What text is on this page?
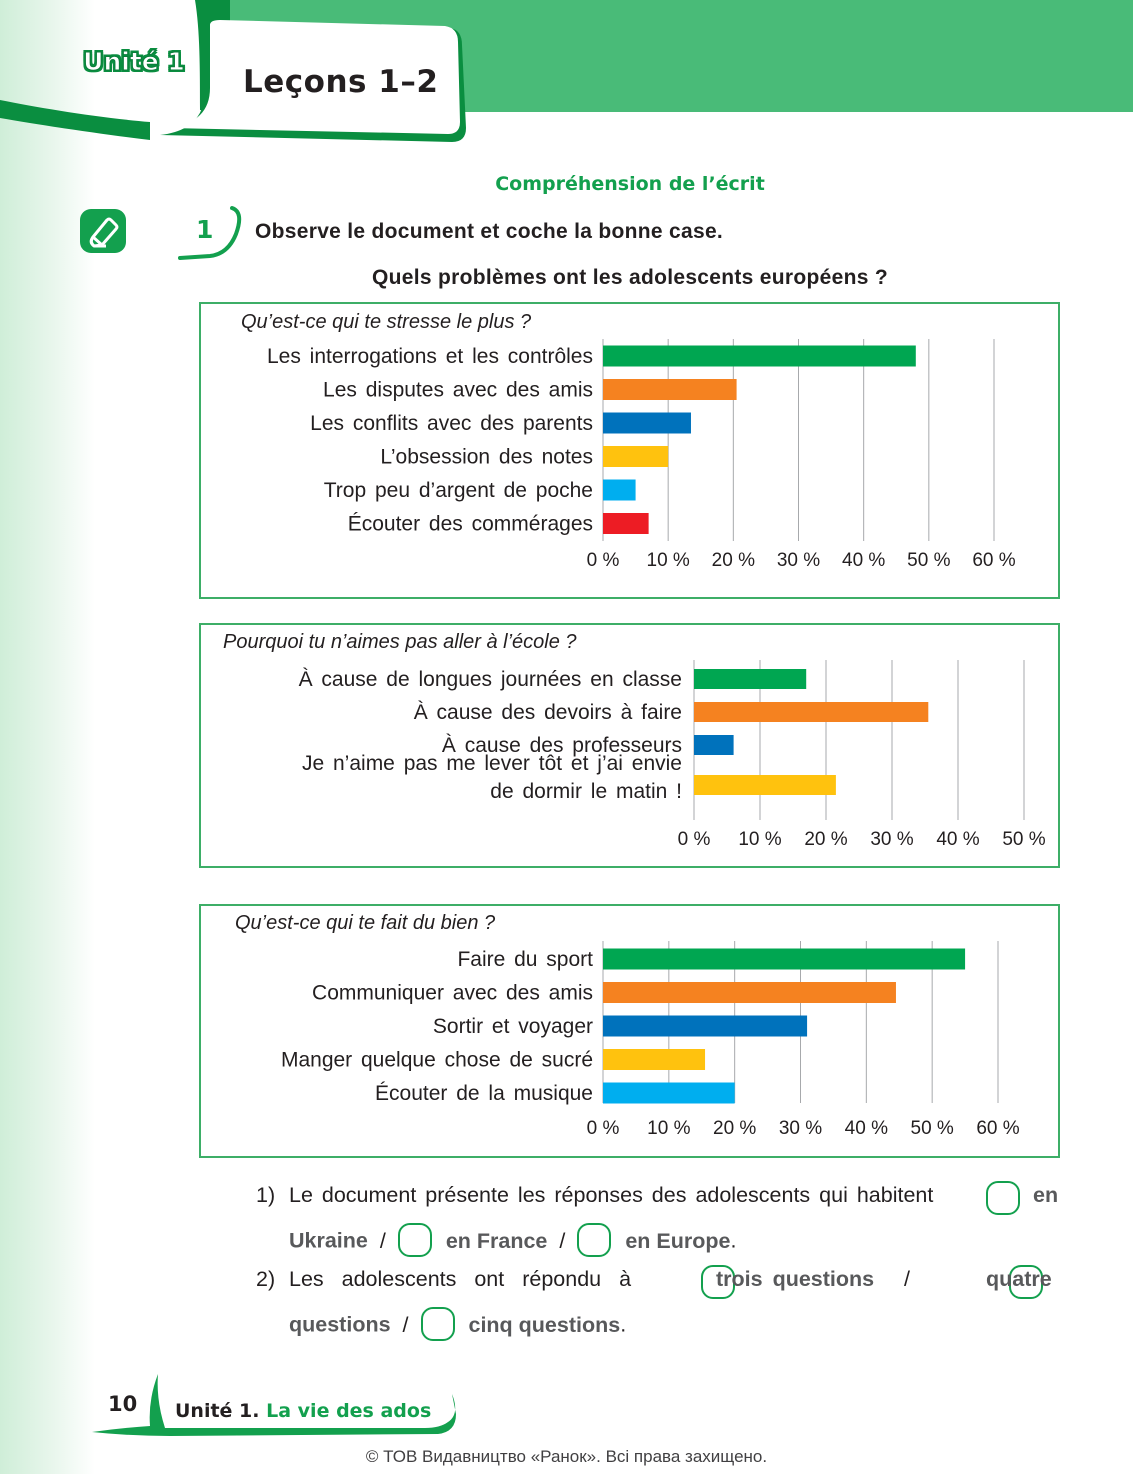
Unité 1
Leçons 1–2
Compréhension de l’écrit
1 Observe le document et coche la bonne case.
Quels problèmes ont les adolescents européens ?
Qu’est-ce qui te stresse le plus ?
0 % 10 % 20 % 30 % 40 % 50 % 60 %
Les interrogations et les contrôles
Les disputes avec des amis
Les conflits avec des parents
L’obsession des notes
Trop peu d’argent de poche
Écouter des commérages
Pourquoi tu n’aimes pas aller à l’école ?
0 % 10 % 20 % 30 % 40 % 50 %
À cause de longues journées en classe
À cause des devoirs à faire
À cause des professeurs
Je n’aime pas me lever tôt et j’ai envie
de dormir le matin !
Qu’est-ce qui te fait du bien ?
0 % 10 % 20 % 30 % 40 % 50 % 60 %
Faire du sport
Communiquer avec des amis
Sortir et voyager
Manger quelque chose de sucré
Écouter de la musique
1) Le document présente les réponses des adolescents qui habitent
	en
Ukraine /	en France /	en Europe.
2) Les adolescents ont répondu à
	trois questions /	quatre
questions /	cinq questions.
10 Unité 1. La vie des ados
© ТОВ Видавництво «Ранок». Всі права захищено.
